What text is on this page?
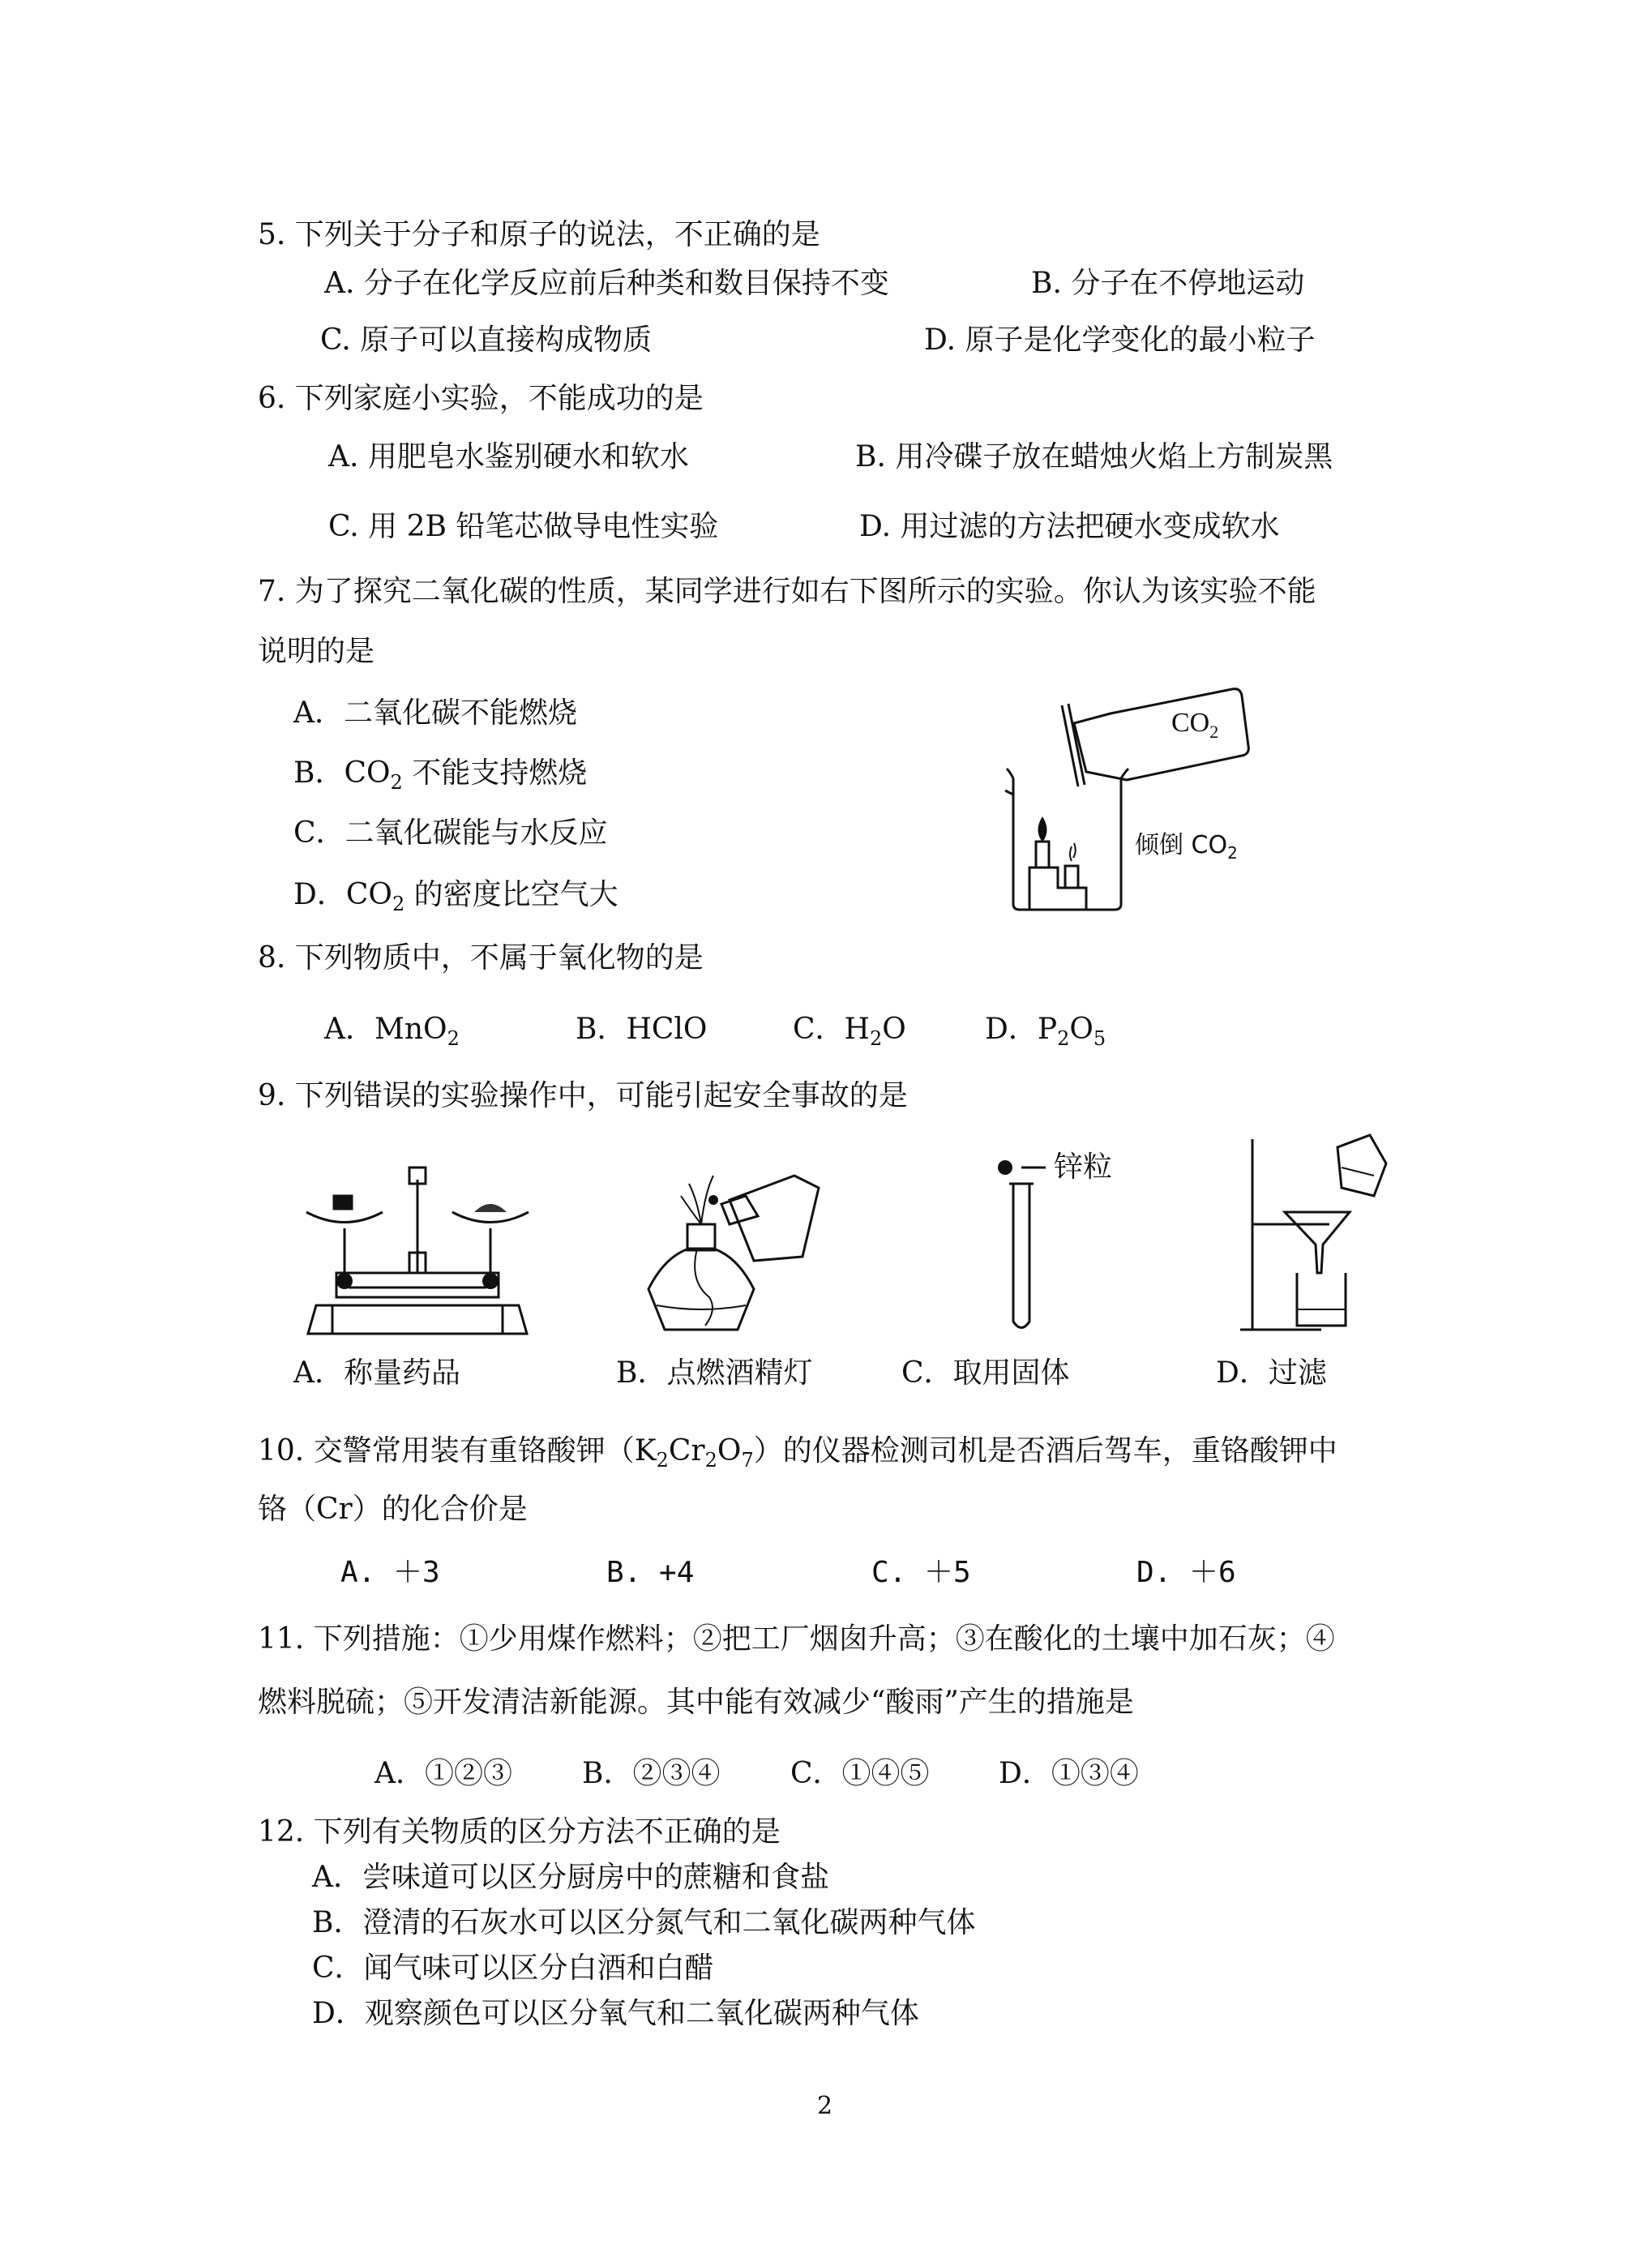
5. 下列关于分子和原子的说法，不正确的是
A. 分子在化学反应前后种类和数目保持不变	B. 分子在不停地运动
C. 原子可以直接构成物质	D. 原子是化学变化的最小粒子
6. 下列家庭小实验，不能成功的是
A. 用肥皂水鉴别硬水和软水	B. 用冷碟子放在蜡烛火焰上方制炭黑
C. 用 2B 铅笔芯做导电性实验	D. 用过滤的方法把硬水变成软水
7. 为了探究二氧化碳的性质，某同学进行如右下图所示的实验。你认为该实验不能
说明的是
A．二氧化碳不能燃烧
B．$CO_2$ 不能支持燃烧
C．二氧化碳能与水反应
D．$CO_2$ 的密度比空气大
$CO_2$
倾倒 $CO_2$
8. 下列物质中，不属于氧化物的是
A．MnO$_2$	B．HClO	C．$H_2O$	D．$P_2O_5$
9. 下列错误的实验操作中，可能引起安全事故的是
A．称量药品	B．点燃酒精灯
锌粒
C．取用固体	D．过滤
10. 交警常用装有重铬酸钾$(K_2Cr_2O_7)$的仪器检测司机是否酒后驾车，重铬酸钾中
铬（Cr）的化合价是
A. ＋3	B. +4	C. ＋5	D. ＋6
11. 下列措施：①少用煤作燃料；②把工厂烟囱升高；③在酸化的土壤中加石灰；④
燃料脱硫；⑤开发清洁新能源。其中能有效减少“酸雨”产生的措施是
A．①②③ B．②③④ C．①④⑤ D．①③④
12. 下列有关物质的区分方法不正确的是
A．尝味道可以区分厨房中的蔗糖和食盐
B．澄清的石灰水可以区分氮气和二氧化碳两种气体
C．闻气味可以区分白酒和白醋
D．观察颜色可以区分氧气和二氧化碳两种气体
2
